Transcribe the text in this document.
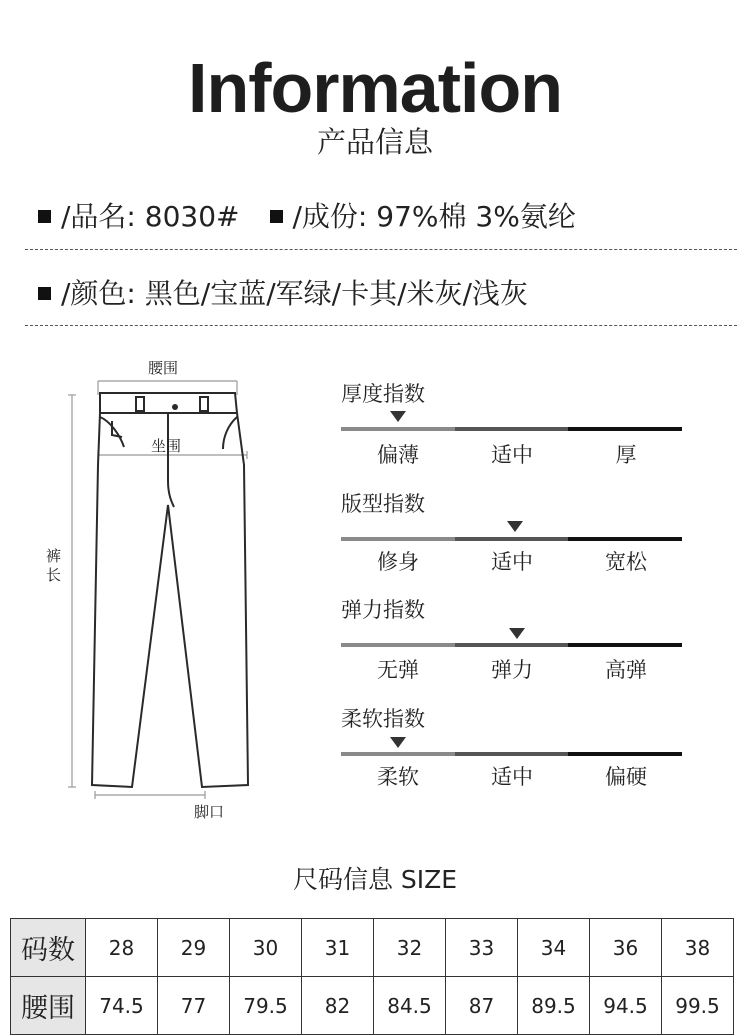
Information
产品信息
/品名: 8030# /成份: 97%棉 3%氨纶
/颜色: 黑色/宝蓝/军绿/卡其/米灰/浅灰
腰围
坐围
裤长
脚口
厚度指数
偏薄	适中	厚
版型指数
修身	适中	宽松
弹力指数
无弹	弹力	高弹
柔软指数
柔软	适中	偏硬
尺码信息 SIZE
码数	28	29	30	31	32	33	34	36	38
腰围	74.5	77	79.5	82	84.5	87	89.5	94.5	99.5
